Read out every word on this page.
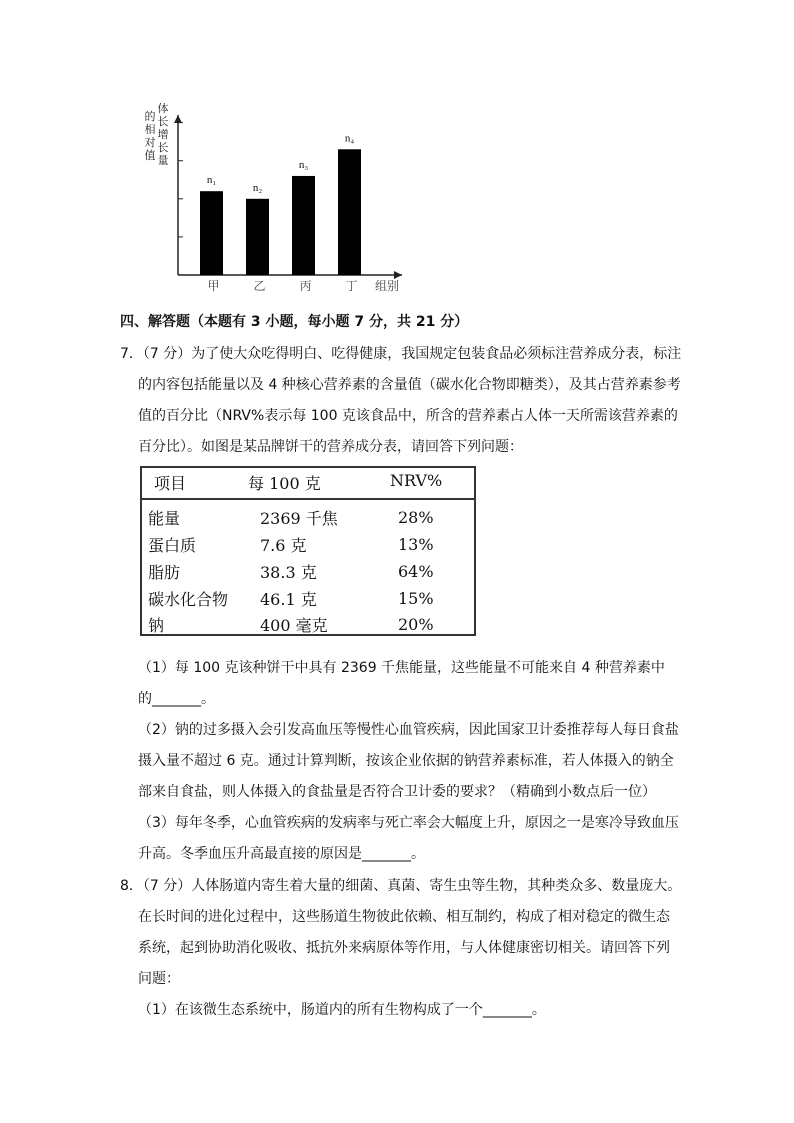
n₁
甲
n₂
乙
n₃
丙
n₄
丁 组别
的
相
对
值
体
长
增
长
量
四、解答题（本题有 3 小题，每小题 7 分，共 21 分）
7．（7 分）为了使大众吃得明白、吃得健康，我国规定包装食品必须标注营养成分表，标注
的内容包括能量以及 4 种核心营养素的含量值（碳水化合物即糖类），及其占营养素参考
值的百分比（NRV%表示每 100 克该食品中，所含的营养素占人体一天所需该营养素的
百分比）。如图是某品牌饼干的营养成分表，请回答下列问题：
项目	每 100 克	NRV%
能量	2369 千焦	28%
蛋白质	7.6 克	13%
脂肪	38.3 克	64%
碳水化合物 46.1 克	15%
钠	400 毫克	20%
（1）每 100 克该种饼干中具有 2369 千焦能量，这些能量不可能来自 4 种营养素中
的_______。
（2）钠的过多摄入会引发高血压等慢性心血管疾病，因此国家卫计委推荐每人每日食盐
摄入量不超过 6 克。通过计算判断，按该企业依据的钠营养素标准，若人体摄入的钠全
部来自食盐，则人体摄入的食盐量是否符合卫计委的要求？（精确到小数点后一位）
（3）每年冬季，心血管疾病的发病率与死亡率会大幅度上升，原因之一是寒冷导致血压
升高。冬季血压升高最直接的原因是_______。
8．（7 分）人体肠道内寄生着大量的细菌、真菌、寄生虫等生物，其种类众多、数量庞大。
在长时间的进化过程中，这些肠道生物彼此依赖、相互制约，构成了相对稳定的微生态
系统，起到协助消化吸收、抵抗外来病原体等作用，与人体健康密切相关。请回答下列
问题：
（1）在该微生态系统中，肠道内的所有生物构成了一个_______。
